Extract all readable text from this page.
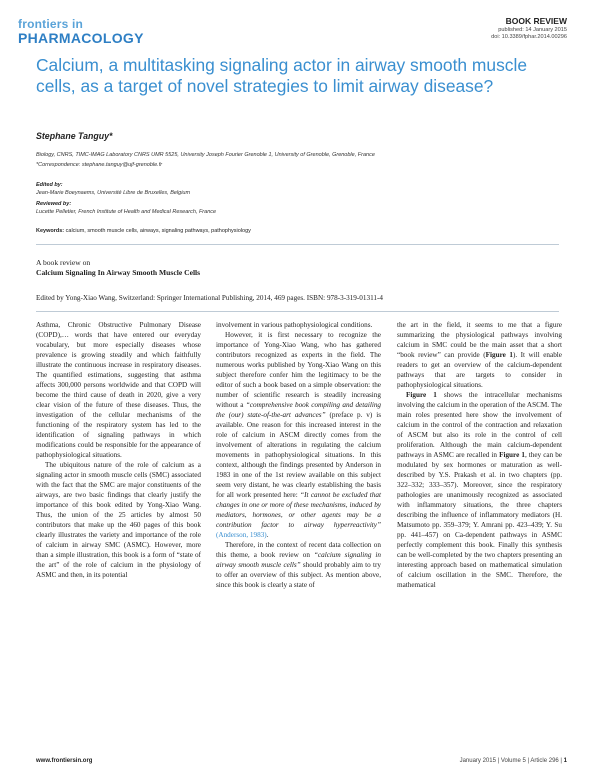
frontiers in
PHARMACOLOGY
BOOK REVIEW
published: 14 January 2015
doi: 10.3389/fphar.2014.00296
Calcium, a multitasking signaling actor in airway smooth muscle cells, as a target of novel strategies to limit airway disease?
Stephane Tanguy*
Biology, CNRS, TIMC-IMAG Laboratory CNRS UMR 5525, University Joseph Fourier Grenoble 1, University of Grenoble, Grenoble, France
*Correspondence: stephane.tanguy@ujf-grenoble.fr
Edited by:
Jean-Marie Boeynaems, Université Libre de Bruxelles, Belgium
Reviewed by:
Lucette Pelletier, French Institute of Health and Medical Research, France
Keywords: calcium, smooth muscle cells, airways, signaling pathways, pathophysiology
A book review on
Calcium Signaling In Airway Smooth Muscle Cells
Edited by Yong-Xiao Wang, Switzerland: Springer International Publishing, 2014, 469 pages. ISBN: 978-3-319-01311-4

Asthma, Chronic Obstructive Pulmonary Disease (COPD),… words that have entered our everyday vocabulary, but more especially diseases whose prevalence is growing steadily and which faithfully illustrate the continuous increase in respiratory diseases. The quantified estimations, suggesting that asthma affects 300,000 persons worldwide and that COPD will become the third cause of death in 2020, give a very clear vision of the future of these diseases. Thus, the investigation of the cellular mechanisms of the functioning of the respiratory system has led to the identification of signaling pathways in which modifications could be responsible for the appearance of pathophysiological situations.

The ubiquitous nature of the role of calcium as a signaling actor in smooth muscle cells (SMC) associated with the fact that the SMC are major constituents of the airways, are two basic findings that clearly justify the importance of this book edited by Yong-Xiao Wang. Thus, the union of the 25 articles by almost 50 contributors that make up the 460 pages of this book clearly illustrates the variety and importance of the role of calcium in airway SMC (ASMC). However, more than a simple illustration, this book is a form of “state of the art” of the role of calcium in the physiology of ASMC and then, in its potential

involvement in various pathophysiological conditions.

However, it is first necessary to recognize the importance of Yong-Xiao Wang, who has gathered contributors recognized as experts in the field. The numerous works published by Yong-Xiao Wang on this subject therefore confer him the legitimacy to be the editor of such a book based on a simple observation: the number of scientific research is steadily increasing without a “comprehensive book compiling and detailing the (our) state-of-the-art advances” (preface p. v) is available. One reason for this increased interest in the role of calcium in ASCM directly comes from the involvement of alterations in regulating the calcium movements in pathophysiological situations. In this context, although the findings presented by Anderson in 1983 in one of the 1st review available on this subject seem very distant, he was clearly establishing the basis for all work presented here: “It cannot be excluded that changes in one or more of these mechanisms, induced by mediators, hormones, or other agents may be a contribution factor to airway hyperreactivity” (Anderson, 1983).

Therefore, in the context of recent data collection on this theme, a book review on “calcium signaling in airway smooth muscle cells” should probably aim to try to offer an overview of this subject. As mention above, since this book is clearly a state of

the art in the field, it seems to me that a figure summarizing the physiological pathways involving calcium in SMC could be the main asset that a short “book review” can provide (Figure 1). It will enable readers to get an overview of the calcium-dependent pathways that are targets to consider in pathophysiological situations.

Figure 1 shows the intracellular mechanisms involving the calcium in the operation of the ASCM. The main roles presented here show the involvement of calcium in the control of the contraction and relaxation of ASCM but also its role in the control of cell proliferation. Although the main calcium-dependent pathways in ASMC are recalled in Figure 1, they can be modulated by sex hormones or maturation as well-described by Y.S. Prakash et al. in two chapters (pp. 322–332; 333–357). Moreover, since the respiratory pathologies are unanimously recognized as associated with inflammatory situations, the three chapters describing the influence of inflammatory mediators (H. Matsumoto pp. 359–379; Y. Amrani pp. 423–439; Y. Su pp. 441–457) on Ca-dependent pathways in ASMC perfectly complement this book. Finally this synthesis can be well-completed by the two chapters presenting an interesting approach based on mathematical simulation of calcium oscillation in the SMC. Therefore, the mathematical

www.frontiersin.org	January 2015 | Volume 5 | Article 296 | 1
